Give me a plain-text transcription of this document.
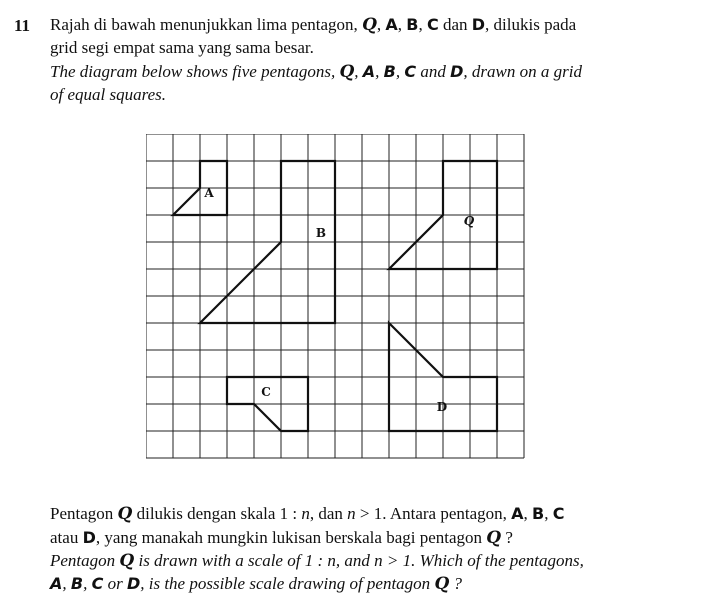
11 Rajah di bawah menunjukkan lima pentagon, Q, A, B, C dan D, dilukis pada
grid segi empat sama yang sama besar.
The diagram below shows five pentagons, Q, A, B, C and D, drawn on a grid
of equal squares.
A
B
C
D
Q
Pentagon Q dilukis dengan skala 1 : n, dan n > 1. Antara pentagon, A, B, C
atau D, yang manakah mungkin lukisan berskala bagi pentagon Q ?
Pentagon Q is drawn with a scale of 1 : n, and n > 1. Which of the pentagons,
A, B, C or D, is the possible scale drawing of pentagon Q ?
